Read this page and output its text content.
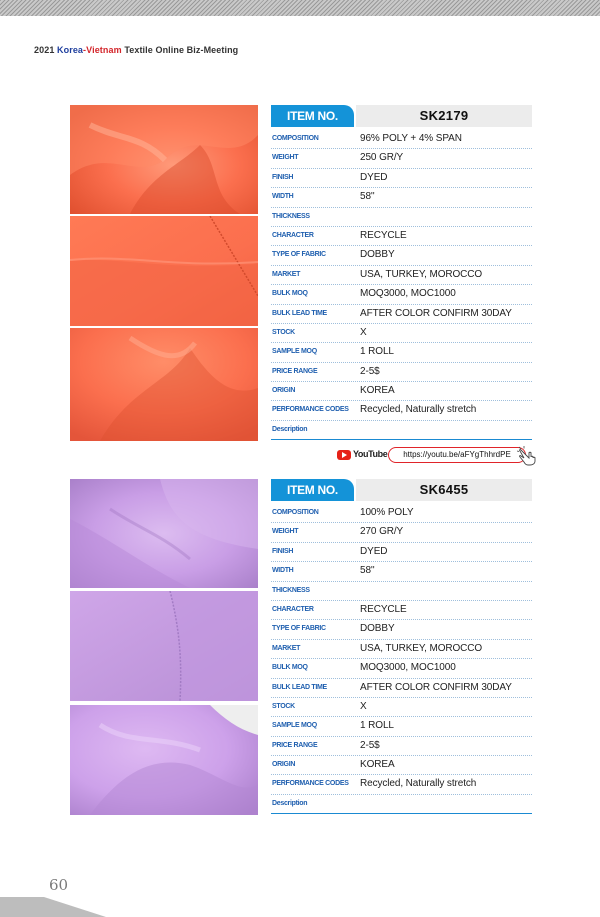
2021 Korea-Vietnam Textile Online Biz-Meeting
ITEM NO.	SK2179
COMPOSITION	96% POLY + 4% SPAN
WEIGHT	250 GR/Y
FINISH	DYED
WIDTH	58''
THICKNESS
CHARACTER	RECYCLE
TYPE OF FABRIC	DOBBY
MARKET	USA, TURKEY, MOROCCO
BULK MOQ	MOQ3000, MOC1000
BULK LEAD TIME	AFTER COLOR CONFIRM 30DAY
STOCK	X
SAMPLE MOQ	1 ROLL
PRICE RANGE	2-5$
ORIGIN	KOREA
PERFORMANCE CODES Recycled, Naturally stretch
Description
YouTube	https://youtu.be/aFYgThhrdPE
ITEM NO.	SK6455
COMPOSITION	100% POLY
WEIGHT	270 GR/Y
FINISH	DYED
WIDTH	58''
THICKNESS
CHARACTER	RECYCLE
TYPE OF FABRIC	DOBBY
MARKET	USA, TURKEY, MOROCCO
BULK MOQ	MOQ3000, MOC1000
BULK LEAD TIME	AFTER COLOR CONFIRM 30DAY
STOCK	X
SAMPLE MOQ	1 ROLL
PRICE RANGE	2-5$
ORIGIN	KOREA
PERFORMANCE CODES Recycled, Naturally stretch
Description
60
